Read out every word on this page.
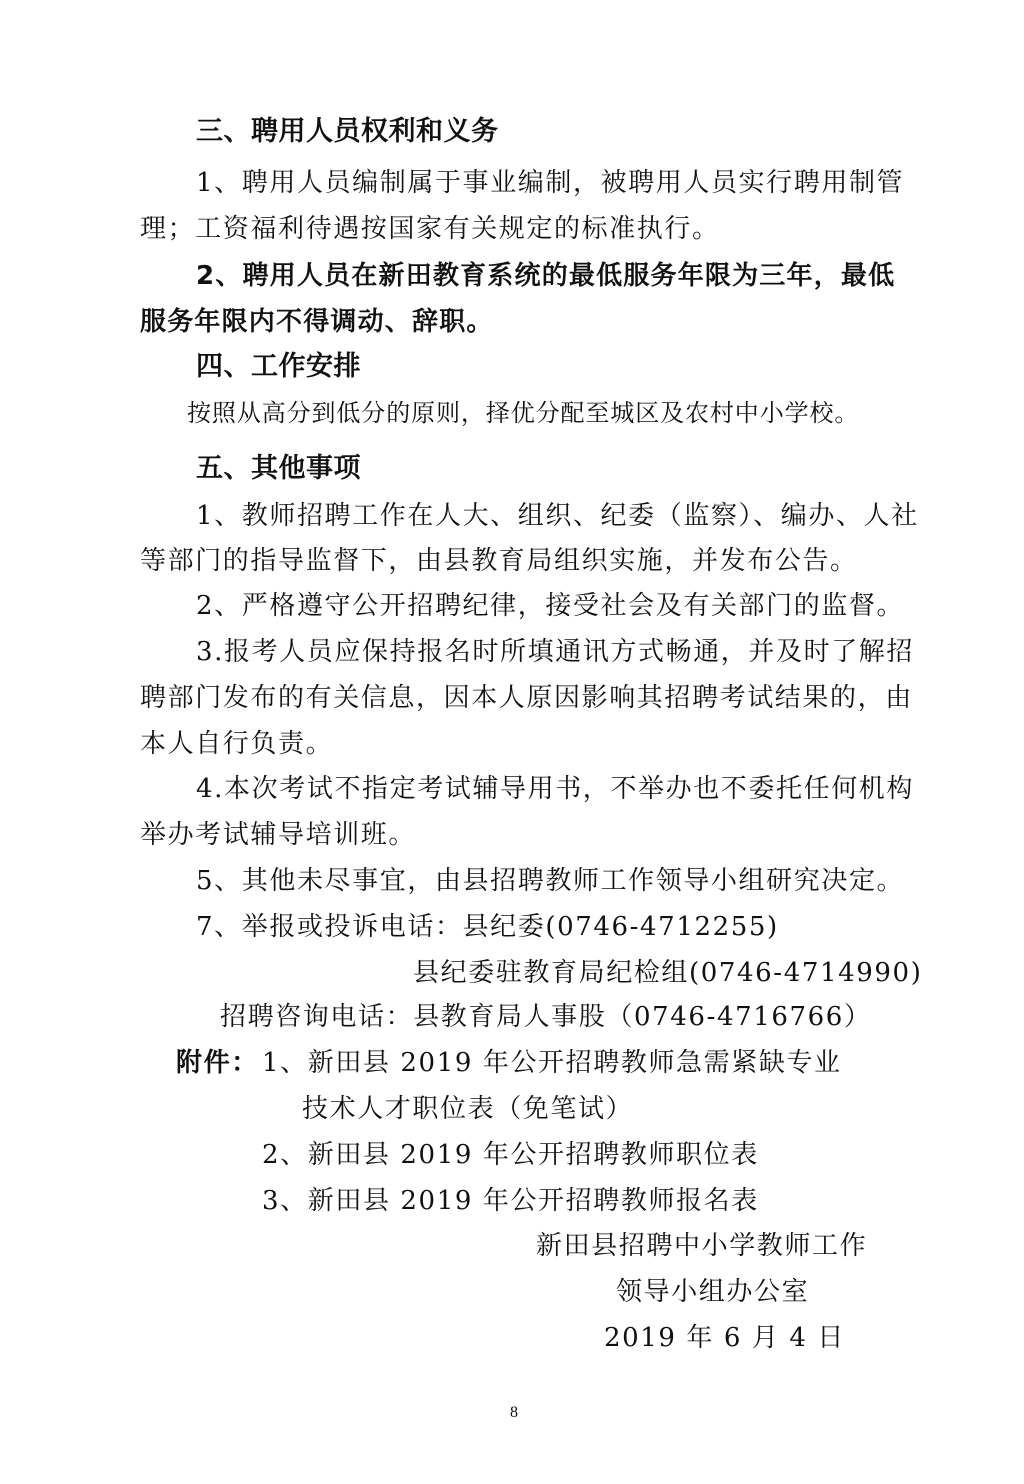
三、聘用人员权利和义务
1、聘用人员编制属于事业编制，被聘用人员实行聘用制管
理；工资福利待遇按国家有关规定的标准执行。
2、聘用人员在新田教育系统的最低服务年限为三年，最低
服务年限内不得调动、辞职。
四、工作安排
按照从高分到低分的原则，择优分配至城区及农村中小学校。
五、其他事项
1、教师招聘工作在人大、组织、纪委（监察）、编办、人社
等部门的指导监督下，由县教育局组织实施，并发布公告。
2、严格遵守公开招聘纪律，接受社会及有关部门的监督。
3.报考人员应保持报名时所填通讯方式畅通，并及时了解招
聘部门发布的有关信息，因本人原因影响其招聘考试结果的，由
本人自行负责。
4.本次考试不指定考试辅导用书，不举办也不委托任何机构
举办考试辅导培训班。
5、其他未尽事宜，由县招聘教师工作领导小组研究决定。
7、举报或投诉电话：县纪委(0746-4712255)
县纪委驻教育局纪检组(0746-4714990)
招聘咨询电话：县教育局人事股（0746-4716766）
附件： 1、新田县 2019 年公开招聘教师急需紧缺专业
技术人才职位表（免笔试）
2、新田县 2019 年公开招聘教师职位表
3、新田县 2019 年公开招聘教师报名表
新田县招聘中小学教师工作
领导小组办公室
2019 年 6 月 4 日
8
